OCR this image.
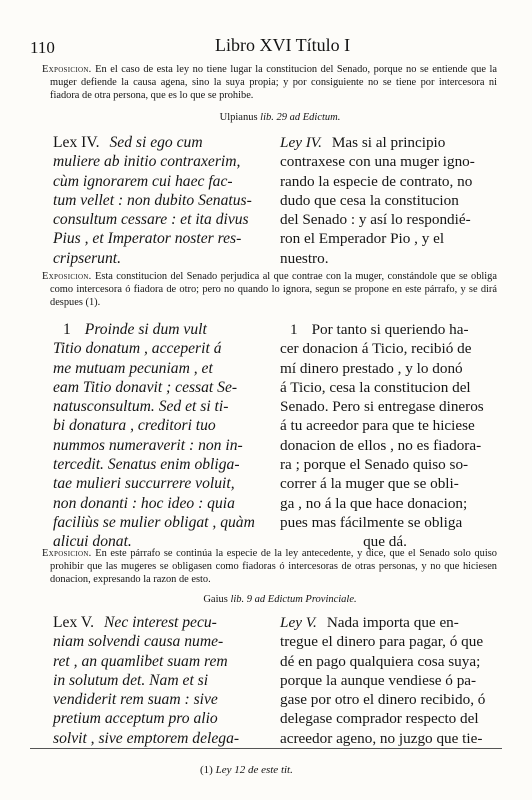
110	Libro XVI Título I
Exposicion. En el caso de esta ley no tiene lugar la constitucion del Senado, porque no se entiende que la muger defiende la causa agena, sino la suya propia; y por consiguiente no se tiene por intercesora ni fiadora de otra persona, que es lo que se prohibe.
Ulpianus lib. 29 ad Edictum.
Lex IV. Sed si ego cum
muliere ab initio contraxerim,
cùm ignorarem cui haec fac-
tum vellet : non dubito Senatus-
consultum cessare : et ita divus
Pius , et Imperator noster res-
cripserunt.
Ley IV. Mas si al principio
contraxese con una muger igno-
rando la especie de contrato, no
dudo que cesa la constitucion
del Senado : y así lo respondié-
ron el Emperador Pio , y el
nuestro.
Exposicion. Esta constitucion del Senado perjudica al que contrae con la muger, constándole que se obliga como intercesora ó fiadora de otro; pero no quando lo ignora, segun se propone en este párrafo, y se dirá despues (1).
1 Proinde si dum vult
Titio donatum , acceperit á
me mutuam pecuniam , et
eam Titio donavit ; cessat Se-
natusconsultum. Sed et si ti-
bi donatura , creditori tuo
nummos numeraverit : non in-
tercedit. Senatus enim obliga-
tae mulieri succurrere voluit,
non donanti : hoc ideo : quia
faciliùs se mulier obligat , quàm
alicui donat.
1 Por tanto si queriendo ha-
cer donacion á Ticio, recibió de
mí dinero prestado , y lo donó
á Ticio, cesa la constitucion del
Senado. Pero si entregase dineros
á tu acreedor para que te hiciese
donacion de ellos , no es fiadora-
ra ; porque el Senado quiso so-
correr á la muger que se obli-
ga , no á la que hace donacion;
pues mas fácilmente se obliga
que dá.
Exposicion. En este párrafo se continúa la especie de la ley antecedente, y dice, que el Senado solo quiso prohibir que las mugeres se obligasen como fiadoras ó intercesoras de otras personas, y no que hiciesen donacion, expresando la razon de esto.
Gaius lib. 9 ad Edictum Provinciale.
Lex V. Nec interest pecu-
niam solvendi causa nume-
ret , an quamlibet suam rem
in solutum det. Nam et si
vendiderit rem suam : sive
pretium acceptum pro alio
solvit , sive emptorem delega-
Ley V. Nada importa que en-
tregue el dinero para pagar, ó que
dé en pago qualquiera cosa suya;
porque la aunque vendiese ó pa-
gase por otro el dinero recibido, ó
delegase comprador respecto del
acreedor ageno, no juzgo que tie-
(1) Ley 12 de este tit.
